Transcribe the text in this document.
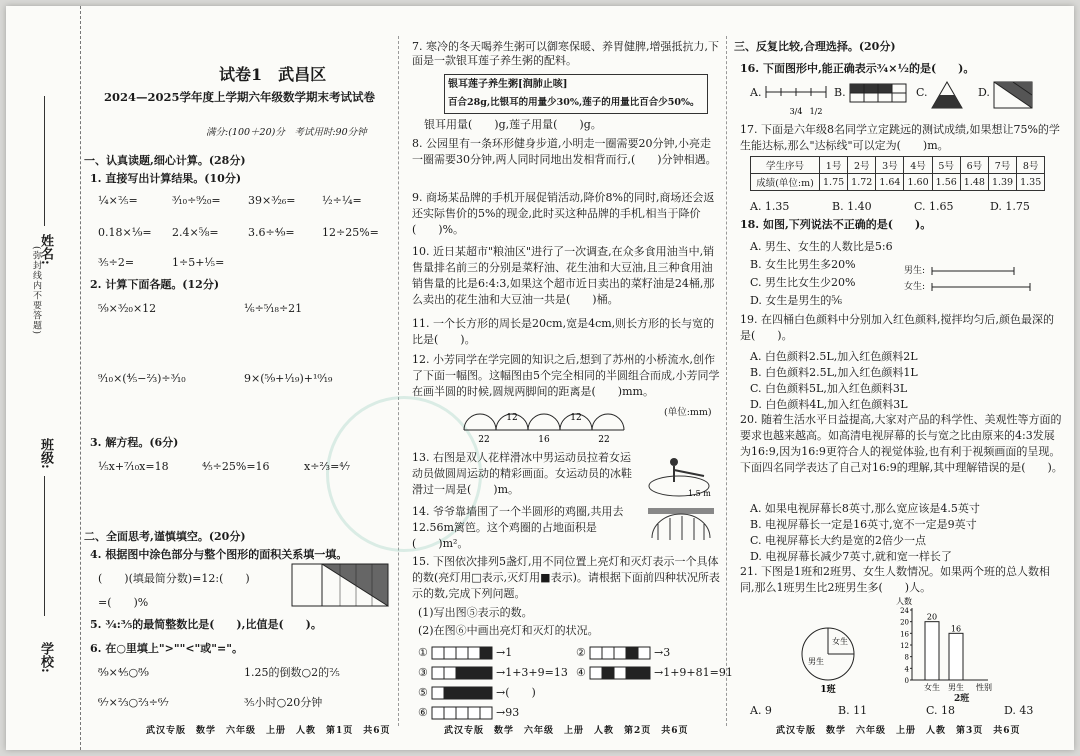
姓名:
(弥封线内不要答题)
班级:
学校:
试卷1　武昌区
2024—2025学年度上学期六年级数学期末考试试卷
满分:(100＋20)分　考试用时:90分钟
一、认真读题,细心计算。(28分)
1. 直接写出计算结果。(10分)
¼×⅖=	³⁄₁₀÷⁹⁄₂₀= 39×³⁄₂₆= ½÷¼=
0.18×⅑= 2.4×⅝=	3.6÷⁴⁄₉= 12÷25%=
⅗÷2=	1÷5+⅕=
2. 计算下面各题。(12分)
⁵⁄₉×³⁄₂₀×12	⅙÷⁵⁄₁₈÷21
⁹⁄₁₀×(⅘−⅔)÷³⁄₁₀	9×(⁵⁄₉+¹⁄₁₉)+¹⁰⁄₁₉
3. 解方程。(6分)
⅕x+⁷⁄₁₀x=18	⁴⁄₅÷25%=16	x÷⅔=⁴⁄₇
二、全面思考,谨慎填空。(20分)
4. 根据图中涂色部分与整个图形的面积关系填一填。
(　　)(填最简分数)=12:(　　)
=(　　)%
5. ¾:⅗的最简整数比是(　　),比值是(　　)。
6. 在○里填上">""<"或"="。
⁸⁄₉×⁴⁄₅○⁸⁄₉	1.25的倒数○2的⅖
⁶⁄₇×⅔○⅔÷⁶⁄₇	⅗小时○20分钟
武汉专版　数学　六年级　上册　人教　第1页　共6页
7. 寒冷的冬天喝养生粥可以御寒保暖、养胃健脾,增强抵抗力,下面是一款银耳莲子养生粥的配料。
银耳莲子养生粥[润肺止咳]
百合28g,比银耳的用量少30%,莲子的用量比百合少50%。
银耳用量(　　)g,莲子用量(　　)g。
8. 公园里有一条环形健身步道,小明走一圈需要20分钟,小亮走一圈需要30分钟,两人同时同地出发相背而行,(　　)分钟相遇。
9. 商场某品牌的手机开展促销活动,降价8%的同时,商场还会返还实际售价的5%的现金,此时买这种品牌的手机,相当于降价(　　)%。
10. 近日某超市"粮油区"进行了一次调查,在众多食用油当中,销售量排名前三的分别是菜籽油、花生油和大豆油,且三种食用油销售量的比是6:4:3,如果这个超市近日卖出的菜籽油是24桶,那么卖出的花生油和大豆油一共是(　　)桶。
11. 一个长方形的周长是20cm,宽是4cm,则长方形的长与宽的比是(　　)。
12. 小芳同学在学完圆的知识之后,想到了苏州的小桥流水,创作了下面一幅图。这幅图由5个完全相同的半圆组合而成,小芳同学在画半圆的时候,圆规两脚间的距离是(　　)mm。
(单位:mm)
12	12
22	16	22
13. 右图是双人花样滑冰中男运动员拉着女运动员做圆周运动的精彩画面。女运动员的冰鞋滑过一周是(　　)m。	1.5 m
14. 爷爷靠墙围了一个半圆形的鸡圈,共用去12.56m篱笆。这个鸡圈的占地面积是(　　)m²。
15. 下图依次排列5盏灯,用不同位置上亮灯和灭灯表示一个具体的数(亮灯用□表示,灭灯用■表示)。请根据下面前四种状况所表示的数,完成下列问题。
(1)写出图⑤表示的数。
(2)在图⑥中画出亮灯和灭灯的状况。
①	→1	②	→3
③	→1+3+9=13 ④	→1+9+81=91
⑤	→(　　)
⑥	→93
武汉专版　数学　六年级　上册　人教　第2页　共6页
三、反复比较,合理选择。(20分)
16. 下面图形中,能正确表示¾×½的是(　　)。
A.
3/4 1/2
B.	C.	D.
17. 下面是六年级8名同学立定跳远的测试成绩,如果想让75%的学生能达标,那么"达标线"可以定为(　　)m。
学生序号	1号	2号	3号	4号	5号	6号	7号	8号
成绩(单位:m)	1.75	1.72	1.64	1.60	1.56	1.48	1.39	1.35
A. 1.35	B. 1.40	C. 1.65	D. 1.75
18. 如图,下列说法不正确的是(　　)。
A. 男生、女生的人数比是5:6
B. 女生比男生多20%
C. 男生比女生少20%
D. 女生是男生的⅚
男生:
女生:
19. 在四桶白色颜料中分别加入红色颜料,搅拌均匀后,颜色最深的是(　　)。
A. 白色颜料2.5L,加入红色颜料2L
B. 白色颜料2.5L,加入红色颜料1L
C. 白色颜料5L,加入红色颜料3L
D. 白色颜料4L,加入红色颜料3L
20. 随着生活水平日益提高,大家对产品的科学性、美观性等方面的要求也越来越高。如高清电视屏幕的长与宽之比由原来的4:3发展为16:9,因为16:9更符合人的视觉体验,也有利于视频画面的呈现。下面四名同学表达了自己对16:9的理解,其中理解错误的是(　　)。
A. 如果电视屏幕长8英寸,那么宽应该是4.5英寸
B. 电视屏幕长一定是16英寸,宽不一定是9英寸
C. 电视屏幕长大约是宽的2倍少一点
D. 电视屏幕长减少7英寸,就和宽一样长了
21. 下图是1班和2班男、女生人数情况。如果两个班的总人数相同,那么1班男生比2班男生多(　　)人。
女生
男生
1班
人数
24
20
16
12
8
4
0
20
16
女生 男生 性别
2班
A. 9	B. 11	C. 18	D. 43
武汉专版　数学　六年级　上册　人教　第3页　共6页
